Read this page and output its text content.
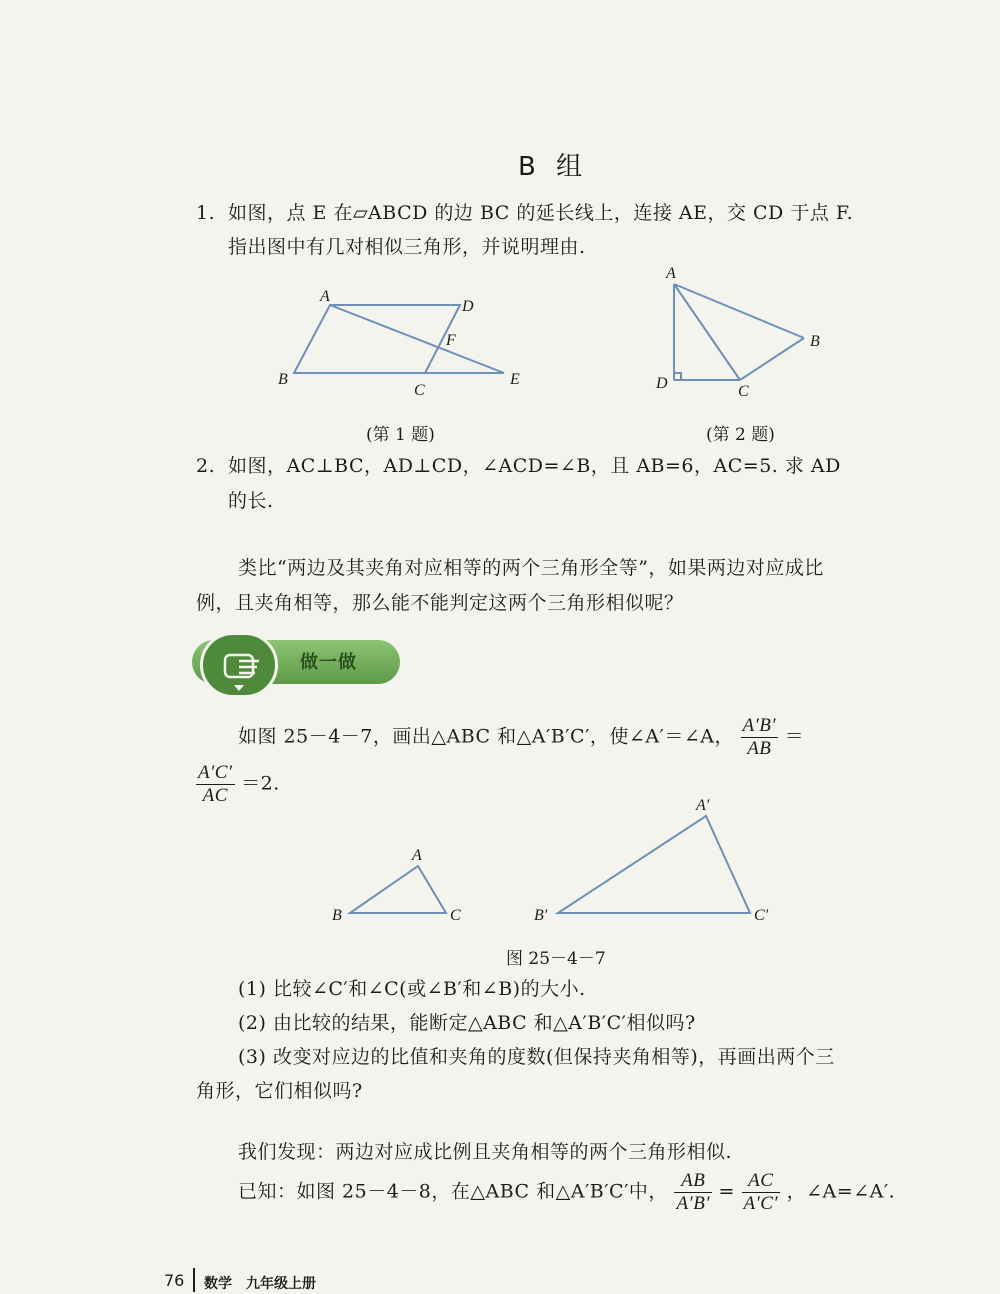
B 组
1. 如图，点 E 在▱ABCD 的边 BC 的延长线上，连接 AE，交 CD 于点 F.
指出图中有几对相似三角形，并说明理由.
A
D
F
B
C
E
(第 1 题)
A
B
D	C
(第 2 题)
2. 如图，AC⊥BC，AD⊥CD，∠ACD=∠B，且 AB=6，AC=5. 求 AD
的长.
类比“两边及其夹角对应相等的两个三角形全等”，如果两边对应成比
例，且夹角相等，那么能不能判定这两个三角形相似呢？
做一做
如图 25－4－7，画出△ABC 和△A′B′C′，使∠A′＝∠A， $\frac{A'B'}{AB}$ ＝
$\frac{A'C'}{AC} =2$.
A
B	C
A′
B′	C′
图 25－4－7
(1) 比较∠C′和∠C(或∠B′和∠B)的大小.
(2) 由比较的结果，能断定△ABC 和△A′B′C′相似吗?
(3) 改变对应边的比值和夹角的度数(但保持夹角相等)，再画出两个三
角形，它们相似吗?
我们发现：两边对应成比例且夹角相等的两个三角形相似.
已知：如图 25－4－8，在△ABC 和△A′B′C′中， $\frac{AB}{A'B'} = \frac{AC}{A'C'}$ ，∠A=∠A′.
76 数学　九年级上册
